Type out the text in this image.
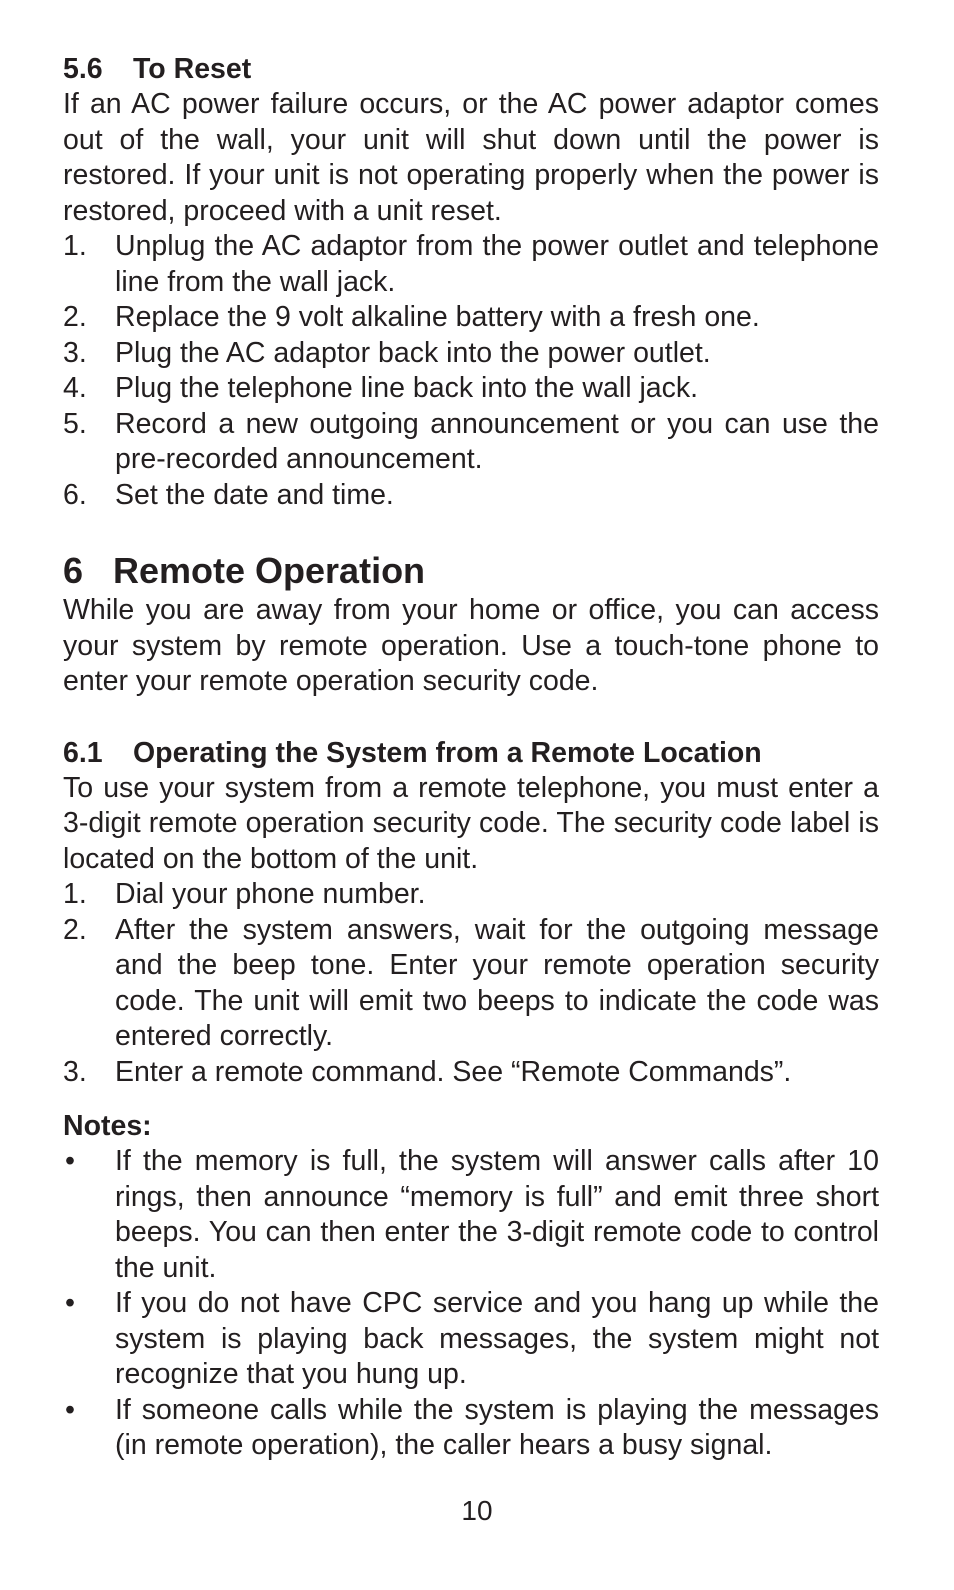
5.6 To Reset

If an AC power failure occurs, or the AC power adaptor comes out of the wall, your unit will shut down until the power is restored. If your unit is not operating properly when the power is restored, proceed with a unit reset.

1. Unplug the AC adaptor from the power outlet and telephone line from the wall jack.
2. Replace the 9 volt alkaline battery with a fresh one.
3. Plug the AC adaptor back into the power outlet.
4. Plug the telephone line back into the wall jack.
5. Record a new outgoing announcement or you can use the pre-recorded announcement.
6. Set the date and time.
6 Remote Operation

While you are away from your home or office, you can access your system by remote operation. Use a touch-tone phone to enter your remote operation security code.

6.1 Operating the System from a Remote Location

To use your system from a remote telephone, you must enter a 3-digit remote operation security code. The security code label is located on the bottom of the unit.

1. Dial your phone number.
2. After the system answers, wait for the outgoing message and the beep tone. Enter your remote operation security code. The unit will emit two beeps to indicate the code was entered correctly.
3. Enter a remote command. See “Remote Commands”.

Notes:

•	If the memory is full, the system will answer calls after 10 rings, then announce “memory is full” and emit three short beeps. You can then enter the 3-digit remote code to control the unit.
•	If you do not have CPC service and you hang up while the system is playing back messages, the system might not recognize that you hung up.
•	If someone calls while the system is playing the messages (in remote operation), the caller hears a busy signal.
10
